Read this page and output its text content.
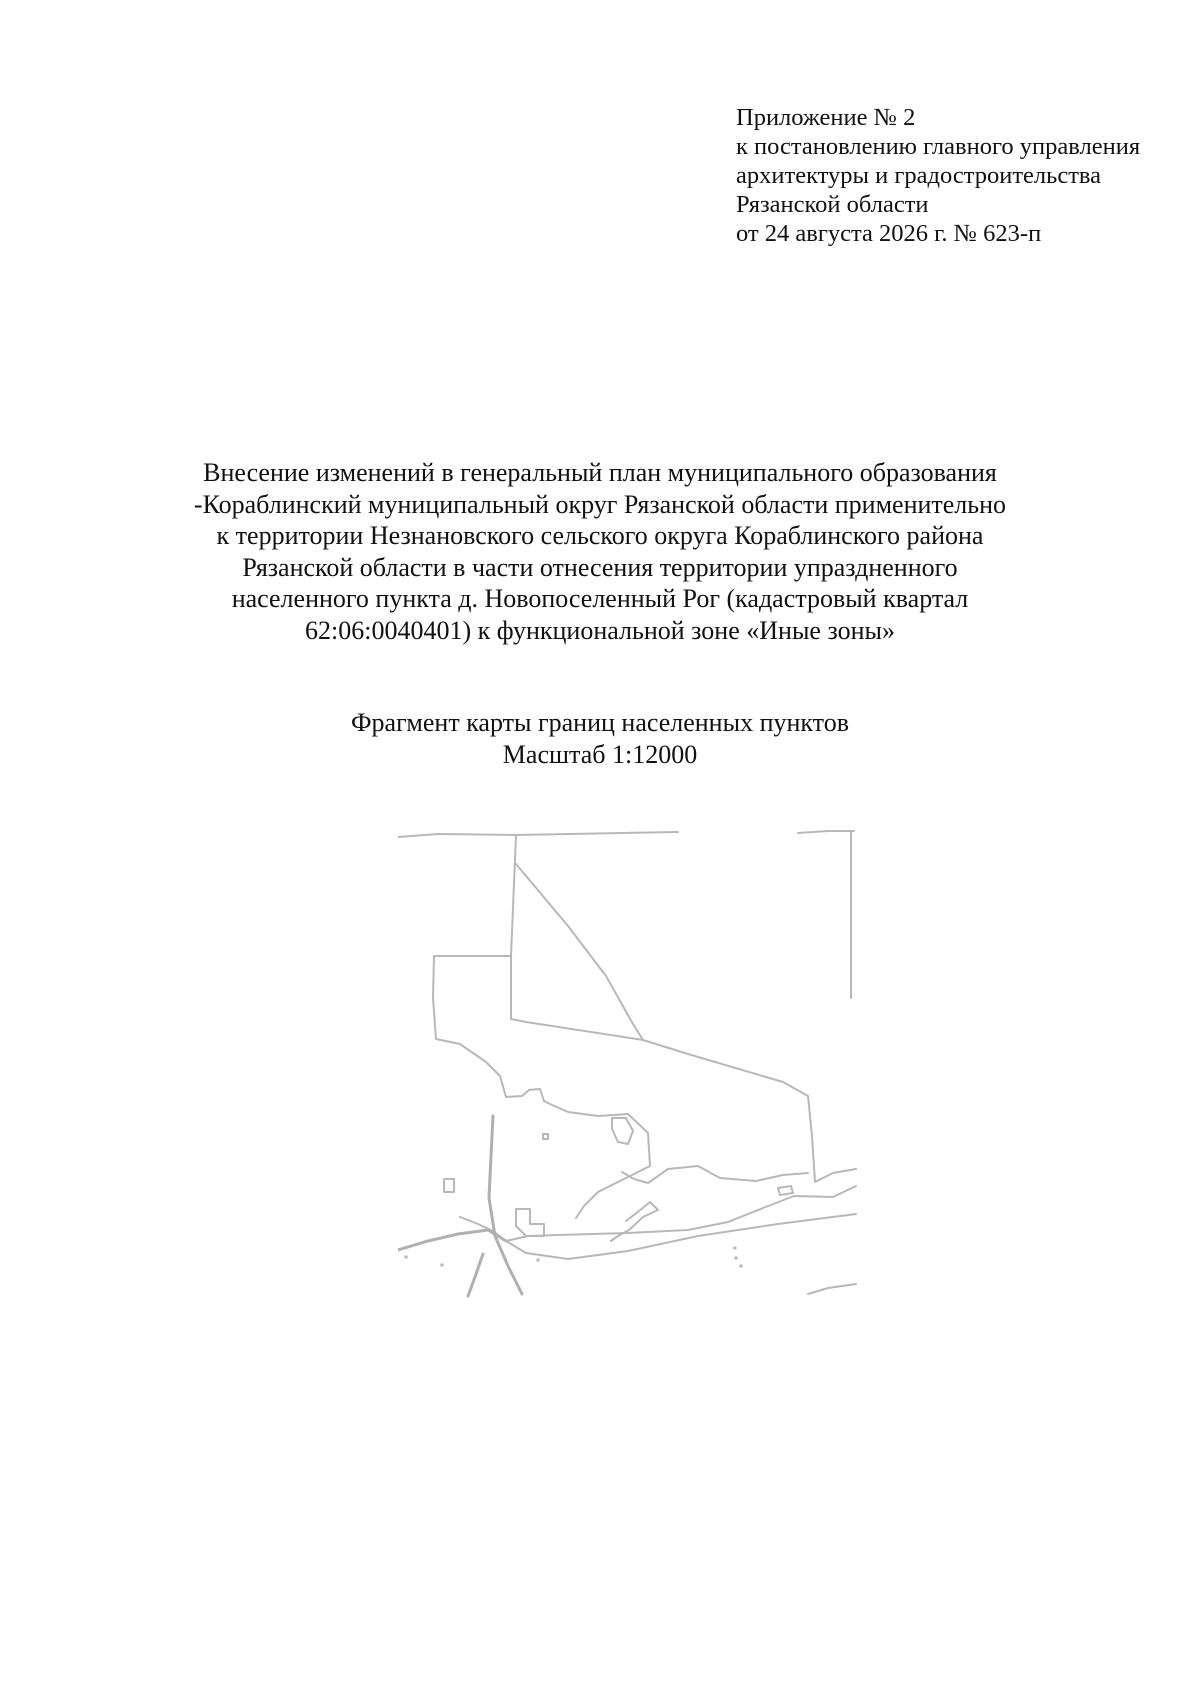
Приложение № 2
к постановлению главного управления
архитектуры и градостроительства
Рязанской области
от 24 августа 2026 г. № 623-п
Внесение изменений в генеральный план муниципального образования
-Кораблинский муниципальный округ Рязанской области применительно
к территории Незнановского сельского округа Кораблинского района
Рязанской области в части отнесения территории упраздненного
населенного пункта д. Новопоселенный Рог (кадастровый квартал
62:06:0040401) к функциональной зоне «Иные зоны»
Фрагмент карты границ населенных пунктов
Масштаб 1:12000
